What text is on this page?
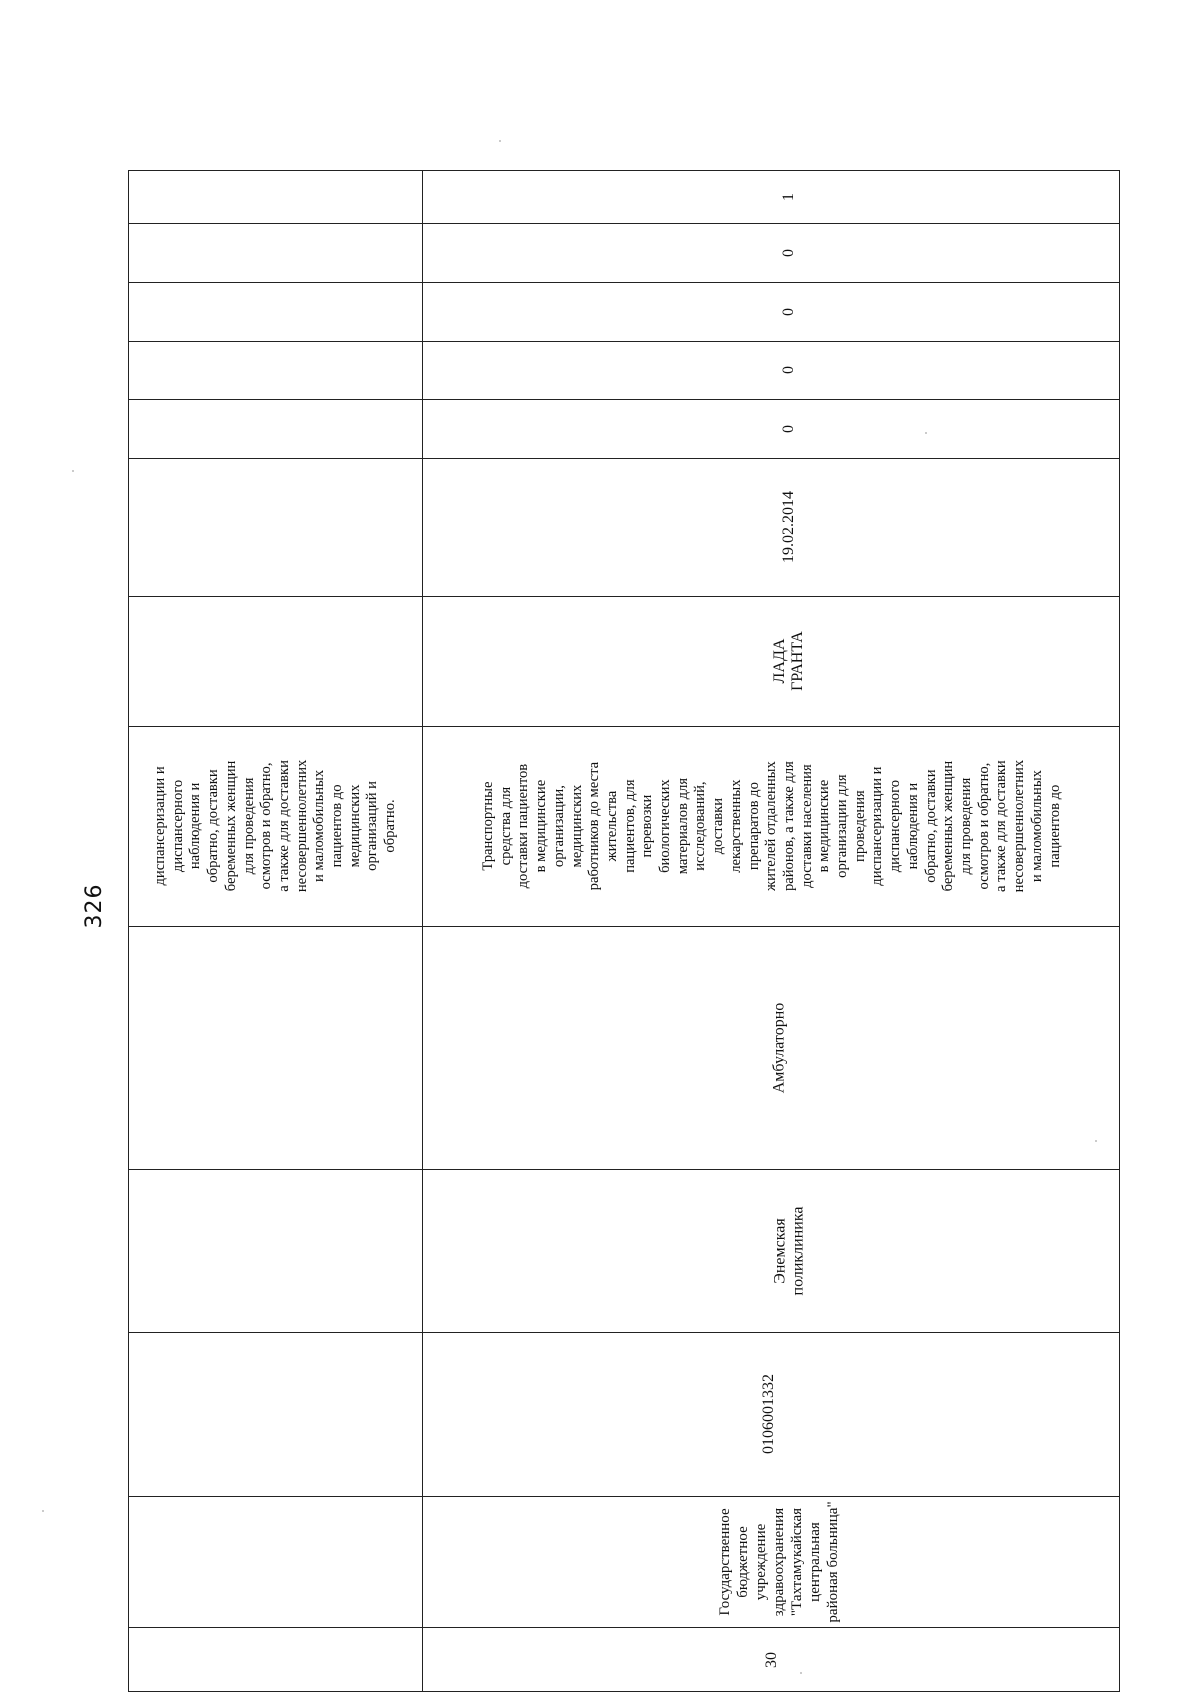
326
диспансеризации и
диспансерного
наблюдения и
обратно, доставки
беременных женщин
для проведения
осмотров и обратно,
а также для доставки
несовершеннолетних
и маломобильных
пациентов до
медицинских
организаций и
обратно.
30
Государственное
бюджетное
учреждение
здравоохранения
"Тахтамукайская
центральная
районая больница"
0106001332
Энемская
поликлиника
Амбулаторно
Транспортные
средства для
доставки пациентов
в медицинские
организации,
медицинских
работников до места
жительства
пациентов, для
перевозки
биологических
материалов для
исследований,
доставки
лекарственных
препаратов до
жителей отдаленных
районов, а также для
доставки населения
в медицинские
организации для
проведения
диспансеризации и
диспансерного
наблюдения и
обратно, доставки
беременных женщин
для проведения
осмотров и обратно,
а также для доставки
несовершеннолетних
и маломобильных
пациентов до
ЛАДА
ГРАНТА
19.02.2014
0
0
0
0
1
